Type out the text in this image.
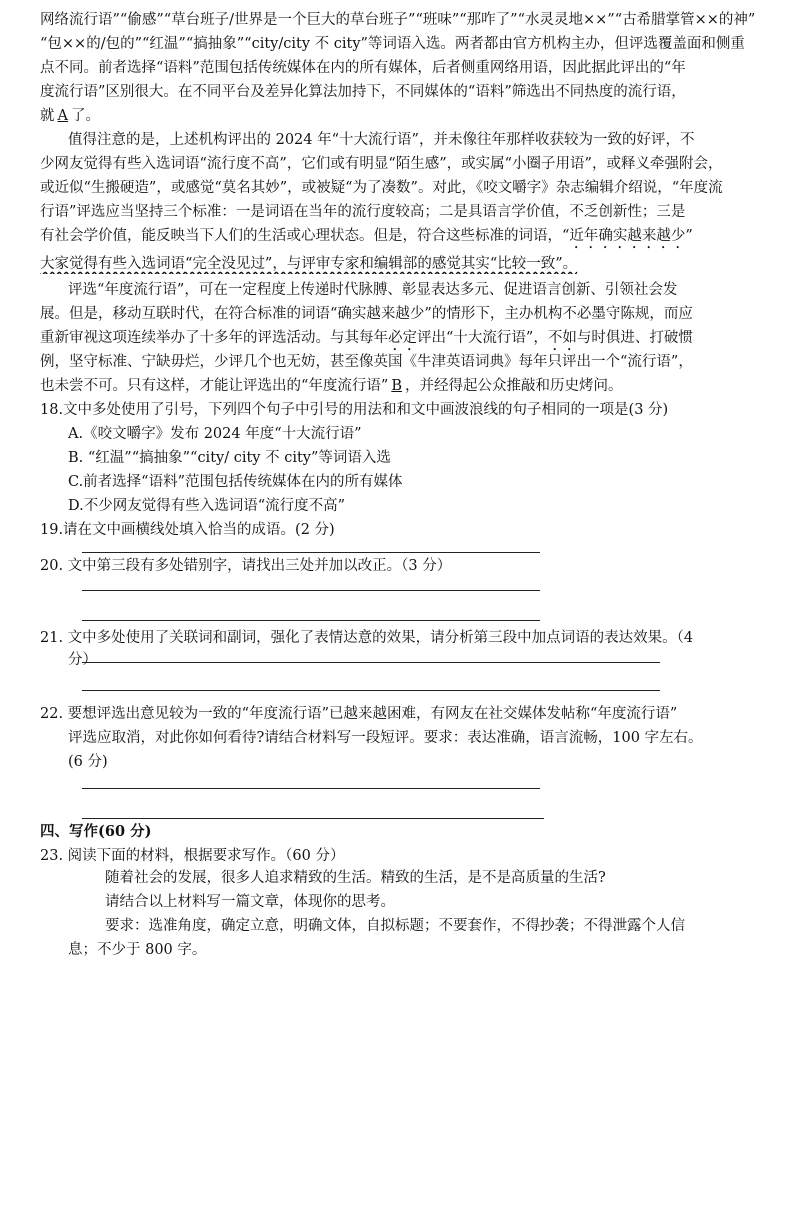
网络流行语”“偷感”“草台班子/世界是一个巨大的草台班子”“班味”“那咋了”“水灵灵地××”“古希腊掌管××的神”
“包××的/包的”“红温”“搞抽象”“city/city 不 city”等词语入选。两者都由官方机构主办，但评选覆盖面和侧重
点不同。前者选择“语料”范围包括传统媒体在内的所有媒体，后者侧重网络用语，因此据此评出的“年
度流行语”区别很大。在不同平台及差异化算法加持下，不同媒体的“语料”筛选出不同热度的流行语，
就 A 了。
值得注意的是，上述机构评出的 2024 年“十大流行语”，并未像往年那样收获较为一致的好评，不
少网友觉得有些入选词语“流行度不高”，它们或有明显“陌生感”，或实属“小圈子用语”，或释义牵强附会，
或近似“生搬硬造”，或感觉“莫名其妙”，或被疑“为了凑数”。对此，《咬文嚼字》杂志编辑介绍说，“年度流
行语”评选应当坚持三个标准：一是词语在当年的流行度较高；二是具语言学价值，不乏创新性；三是
有社会学价值，能反映当下人们的生活或心理状态。但是，符合这些标准的词语，“近年确实越来越少”
大家觉得有些入选词语“完全没见过”，与评审专家和编辑部的感觉其实“比较一致”。
评选“年度流行语”，可在一定程度上传递时代脉膊、彰显表达多元、促进语言创新、引领社会发
展。但是，移动互联时代，在符合标准的词语“确实越来越少”的情形下，主办机构不必墨守陈规，而应
重新审视这项连续举办了十多年的评选活动。与其每年必定评出“十大流行语”，不如与时俱进、打破惯
例，坚守标准、宁缺毋烂，少评几个也无妨，甚至像英国《牛津英语词典》每年只评出一个“流行语”，
也未尝不可。只有这样，才能让评选出的“年度流行语” B ，并经得起公众推敲和历史烤问。
18.文中多处使用了引号，下列四个句子中引号的用法和和文中画波浪线的句子相同的一项是(3 分)
A.《咬文嚼字》发布 2024 年度“十大流行语”
B. “红温”“搞抽象”“city/ city 不 city”等词语入选
C.前者选择“语料”范围包括传统媒体在内的所有媒体
D.不少网友觉得有些入选词语“流行度不高”
19.请在文中画横线处填入恰当的成语。(2 分)
20. 文中第三段有多处错别字，请找出三处并加以改正。（3 分）
21. 文中多处使用了关联词和副词，强化了表情达意的效果，请分析第三段中加点词语的表达效果。（4
分）
22. 要想评选出意见较为一致的“年度流行语”已越来越困难，有网友在社交媒体发帖称“年度流行语”
评选应取消，对此你如何看待?请结合材料写一段短评。要求：表达准确，语言流畅，100 字左右。
(6 分)
四、写作(60 分)
23. 阅读下面的材料，根据要求写作。（60 分）
随着社会的发展，很多人追求精致的生活。精致的生活，是不是高质量的生活?
请结合以上材料写一篇文章，体现你的思考。
要求：选准角度，确定立意，明确文体，自拟标题；不要套作，不得抄袭；不得泄露个人信
息；不少于 800 字。
